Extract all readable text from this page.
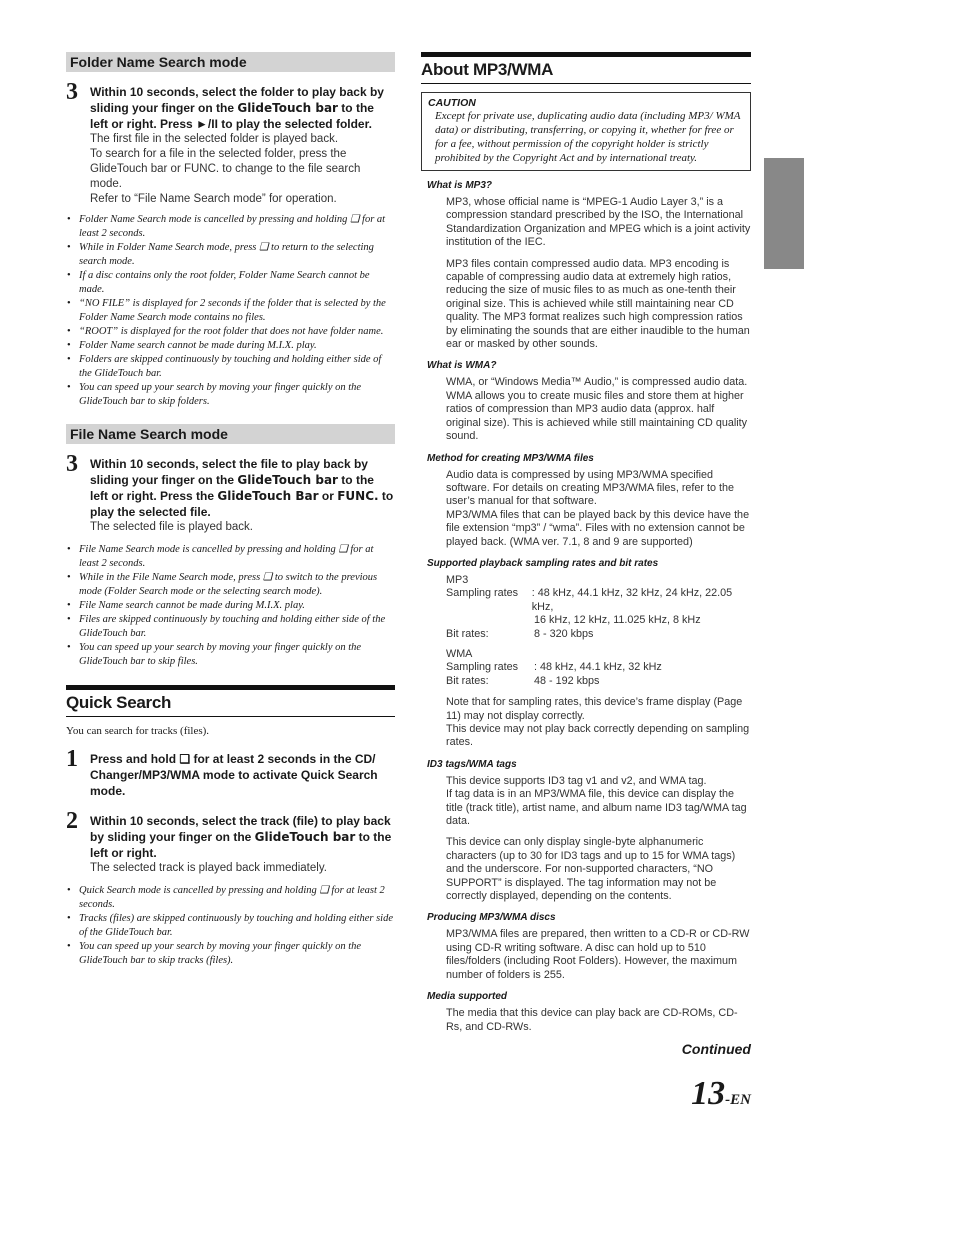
Folder Name Search mode
3 Within 10 seconds, select the folder to play back by sliding your finger on the GlideTouch bar to the left or right. Press ►/II to play the selected folder.
The first file in the selected folder is played back.
To search for a file in the selected folder, press the GlideTouch bar or FUNC. to change to the file search mode.
Refer to “File Name Search mode” for operation.
• Folder Name Search mode is cancelled by pressing and holding ❑ for at least 2 seconds.
• While in Folder Name Search mode, press ❑ to return to the selecting search mode.
• If a disc contains only the root folder, Folder Name Search cannot be made.
• “NO FILE” is displayed for 2 seconds if the folder that is selected by the Folder Name Search mode contains no files.
• “ROOT” is displayed for the root folder that does not have folder name.
• Folder Name search cannot be made during M.I.X. play.
• Folders are skipped continuously by touching and holding either side of the GlideTouch bar.
• You can speed up your search by moving your finger quickly on the GlideTouch bar to skip folders.
File Name Search mode
3 Within 10 seconds, select the file to play back by sliding your finger on the GlideTouch bar to the left or right. Press the GlideTouch Bar or FUNC. to play the selected file.
The selected file is played back.
• File Name Search mode is cancelled by pressing and holding ❑ for at least 2 seconds.
• While in the File Name Search mode, press ❑ to switch to the previous mode (Folder Search mode or the selecting search mode).
• File Name search cannot be made during M.I.X. play.
• Files are skipped continuously by touching and holding either side of the GlideTouch bar.
• You can speed up your search by moving your finger quickly on the GlideTouch bar to skip files.
Quick Search
You can search for tracks (files).
1 Press and hold ❑ for at least 2 seconds in the CD/ Changer/MP3/WMA mode to activate Quick Search mode.
2 Within 10 seconds, select the track (file) to play back by sliding your finger on the GlideTouch bar to the left or right.
The selected track is played back immediately.
• Quick Search mode is cancelled by pressing and holding ❑ for at least 2 seconds.
• Tracks (files) are skipped continuously by touching and holding either side of the GlideTouch bar.
• You can speed up your search by moving your finger quickly on the GlideTouch bar to skip tracks (files).
About MP3/WMA
CAUTION
Except for private use, duplicating audio data (including MP3/ WMA data) or distributing, transferring, or copying it, whether for free or for a fee, without permission of the copyright holder is strictly prohibited by the Copyright Act and by international treaty.
What is MP3?
MP3, whose official name is “MPEG-1 Audio Layer 3,” is a compression standard prescribed by the ISO, the International Standardization Organization and MPEG which is a joint activity institution of the IEC.
MP3 files contain compressed audio data. MP3 encoding is capable of compressing audio data at extremely high ratios, reducing the size of music files to as much as one-tenth their original size. This is achieved while still maintaining near CD quality. The MP3 format realizes such high compression ratios by eliminating the sounds that are either inaudible to the human ear or masked by other sounds.
What is WMA?
WMA, or “Windows Media™ Audio,” is compressed audio data. WMA allows you to create music files and store them at higher ratios of compression than MP3 audio data (approx. half original size). This is achieved while still maintaining CD quality sound.
Method for creating MP3/WMA files
Audio data is compressed by using MP3/WMA specified software. For details on creating MP3/WMA files, refer to the user’s manual for that software.
MP3/WMA files that can be played back by this device have the file extension “mp3” / “wma”. Files with no extension cannot be played back. (WMA ver. 7.1, 8 and 9 are supported)
Supported playback sampling rates and bit rates
MP3
Sampling rates	: 48 kHz, 44.1 kHz, 32 kHz, 24 kHz, 22.05 kHz,
16 kHz, 12 kHz, 11.025 kHz, 8 kHz
Bit rates:	8 - 320 kbps
WMA
Sampling rates	: 48 kHz, 44.1 kHz, 32 kHz
Bit rates:	48 - 192 kbps
Note that for sampling rates, this device’s frame display (Page 11) may not display correctly.
This device may not play back correctly depending on sampling rates.
ID3 tags/WMA tags
This device supports ID3 tag v1 and v2, and WMA tag.
If tag data is in an MP3/WMA file, this device can display the title (track title), artist name, and album name ID3 tag/WMA tag data.
This device can only display single-byte alphanumeric characters (up to 30 for ID3 tags and up to 15 for WMA tags) and the underscore. For non-supported characters, “NO SUPPORT” is displayed. The tag information may not be correctly displayed, depending on the contents.
Producing MP3/WMA discs
MP3/WMA files are prepared, then written to a CD-R or CD-RW using CD-R writing software. A disc can hold up to 510 files/folders (including Root Folders). However, the maximum number of folders is 255.
Media supported
The media that this device can play back are CD-ROMs, CD-Rs, and CD-RWs.
Continued
13-EN
